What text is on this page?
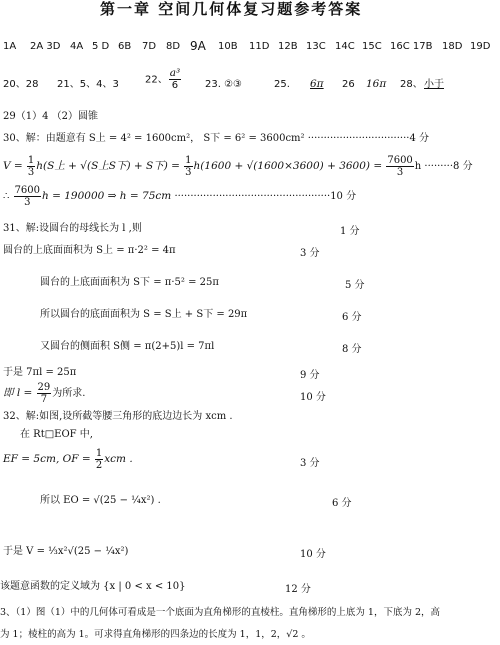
第一章 空间几何体复习题参考答案
1A 2A 3D 4A 5 D 6B 7D 8D 9A 10B 11D 12B 13C 14C 15C 16C 17B 18D 19D
20、28 21、5、4、3	22、 $\frac{\text{a³}}{6} 23$. ②③	25. 6π 26 16π 28、 小于
29（1）4 （2）圆锥
30、解：由题意有 S上 = 4² = 1600cm²， S下 = 6² = 3600cm² ································4 分
$V = \frac{1}{3} h(S$上 + √(S上S下) + S下) = $\frac{1}{3} h(1600 + √(1600\times 3600) + 3600) = \frac{7600}{3}$ h ·········8 分
∴ $\frac{7600}{3}$ h = 190000 ⇒ h = 75cm ·················································10 分
31、解:设圆台的母线长为 l ,则	1 分
圆台的上底面面积为 S上 = π·2² = 4π	3 分
圆台的上底面面积为 S下 = π·5² = 25π	5 分
所以圆台的底面面积为 S = S上 + S下 = 29π	6 分
又圆台的侧面积 S侧 = π(2+5)l = 7πl	8 分
于是 7πl = 25π	9 分
即 $l = \frac{29}{7}$ 为所求.	10 分
32、解:如图,设所截等腰三角形的底边边长为 xcm .
在 Rt□EOF 中,
EF = 5cm, OF = $\frac{1}{2}$ xcm .	3 分
所以 EO = √(25 − ¼x²) .	6 分
于是 V = ⅓x²√(25 − ¼x²)	10 分
该题意函数的定义域为 {x | 0 < x < 10}	12 分
3、（1）图（1）中的几何体可看成是一个底面为直角梯形的直棱柱。直角梯形的上底为 1，下底为 2，高
为 1；棱柱的高为 1。可求得直角梯形的四条边的长度为 1，1，2，√2 。
